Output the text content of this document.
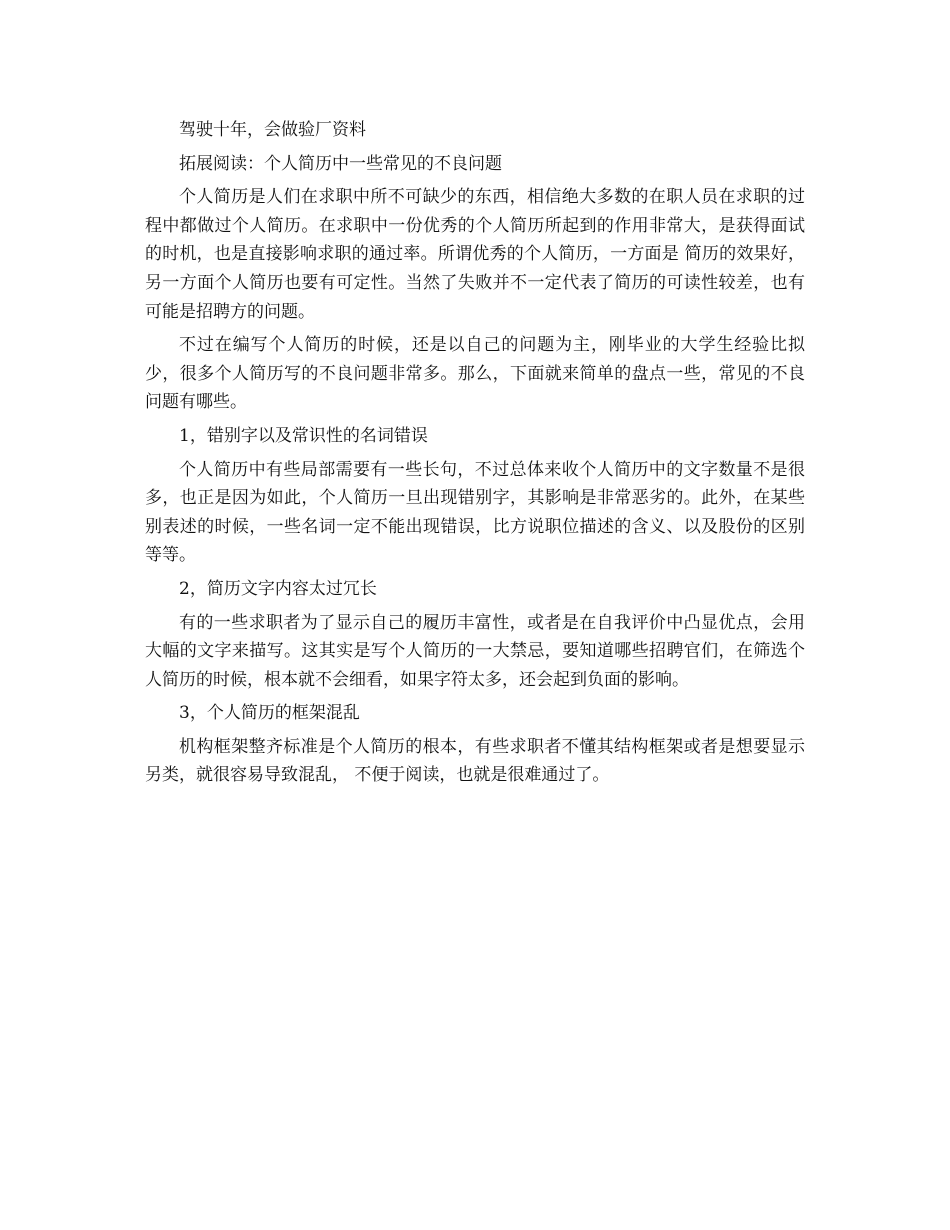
驾驶十年，会做验厂资料

拓展阅读：个人简历中一些常见的不良问题

个人简历是人们在求职中所不可缺少的东西，相信绝大多数的在职人员在求职的过程中都做过个人简历。在求职中一份优秀的个人简历所起到的作用非常大，是获得面试的时机，也是直接影响求职的通过率。所谓优秀的个人简历，一方面是 简历的效果好，另一方面个人简历也要有可定性。当然了失败并不一定代表了简历的可读性较差，也有可能是招聘方的问题。

不过在编写个人简历的时候，还是以自己的问题为主，刚毕业的大学生经验比拟少，很多个人简历写的不良问题非常多。那么，下面就来简单的盘点一些，常见的不良问题有哪些。

1，错别字以及常识性的名词错误

个人简历中有些局部需要有一些长句，不过总体来收个人简历中的文字数量不是很多，也正是因为如此，个人简历一旦出现错别字，其影响是非常恶劣的。此外，在某些别表述的时候，一些名词一定不能出现错误，比方说职位描述的含义、以及股份的区别等等。

2，简历文字内容太过冗长

有的一些求职者为了显示自己的履历丰富性，或者是在自我评价中凸显优点，会用大幅的文字来描写。这其实是写个人简历的一大禁忌，要知道哪些招聘官们，在筛选个人简历的时候，根本就不会细看，如果字符太多，还会起到负面的影响。

3，个人简历的框架混乱

机构框架整齐标准是个人简历的根本，有些求职者不懂其结构框架或者是想要显示另类，就很容易导致混乱， 不便于阅读，也就是很难通过了。
